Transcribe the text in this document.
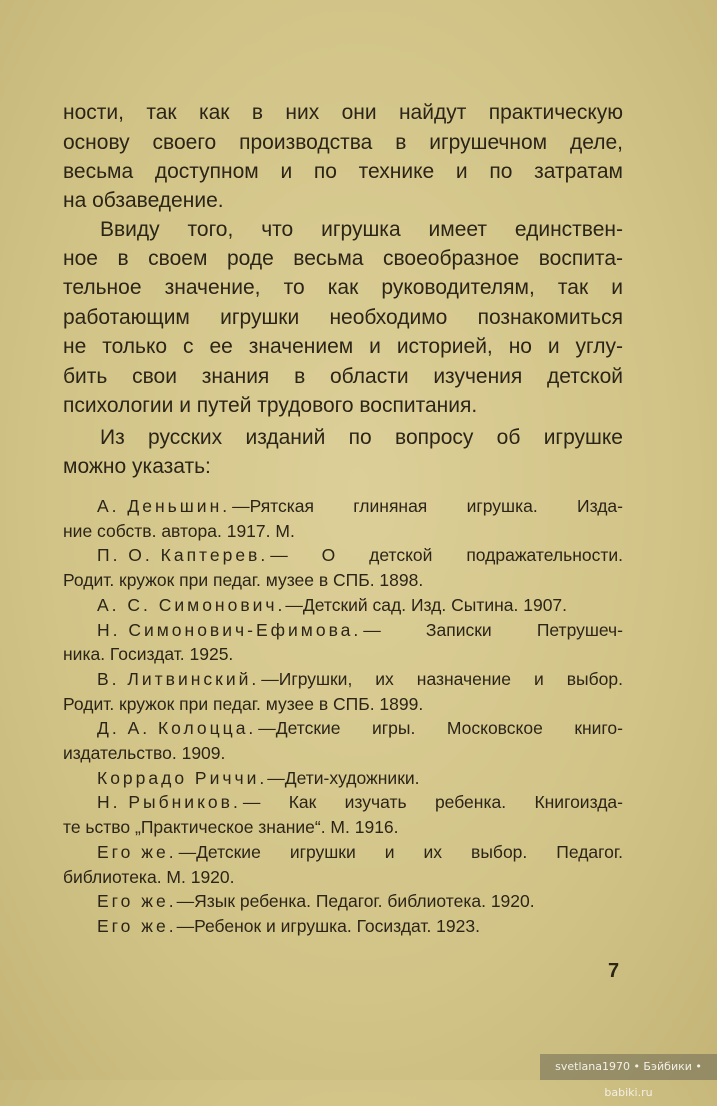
ности, так как в них они найдут практическую
основу своего производства в игрушечном деле,
весьма доступном и по технике и по затратам
на обзаведение.
Ввиду того, что игрушка имеет единствен-
ное в своем роде весьма своеобразное воспита-
тельное значение, то как руководителям, так и
работающим игрушки необходимо познакомиться
не только с ее значением и историей, но и углу-
бить свои знания в области изучения детской
психологии и путей трудового воспитания.
Из русских изданий по вопросу об игрушке
можно указать:
А. Деньшин. —Рятская глиняная игрушка. Изда-
ние собств. автора. 1917. М.
П. О. Каптерев. — О детской подражательности.
Родит. кружок при педаг. музее в СПБ. 1898.
А. С. Симонович.—Детский сад. Изд. Сытина. 1907.
Н. Симонович-Ефимова. — Записки Петрушеч-
ника. Госиздат. 1925.
В. Литвинский. —Игрушки, их назначение и выбор.
Родит. кружок при педаг. музее в СПБ. 1899.
Д. А. Колоцца. —Детские игры. Московское книго-
издательство. 1909.
Коррадо Риччи.—Дети-художники.
Н. Рыбников. — Как изучать ребенка. Книгоизда-
те ьство „Практическое знание“. М. 1916.
Его же. —Детские игрушки и их выбор. Педагог.
библиотека. М. 1920.
Его же.—Язык ребенка. Педагог. библиотека. 1920.
Его же.—Ребенок и игрушка. Госиздат. 1923.
7
svetlana1970 • Бэйбики • babiki.ru
